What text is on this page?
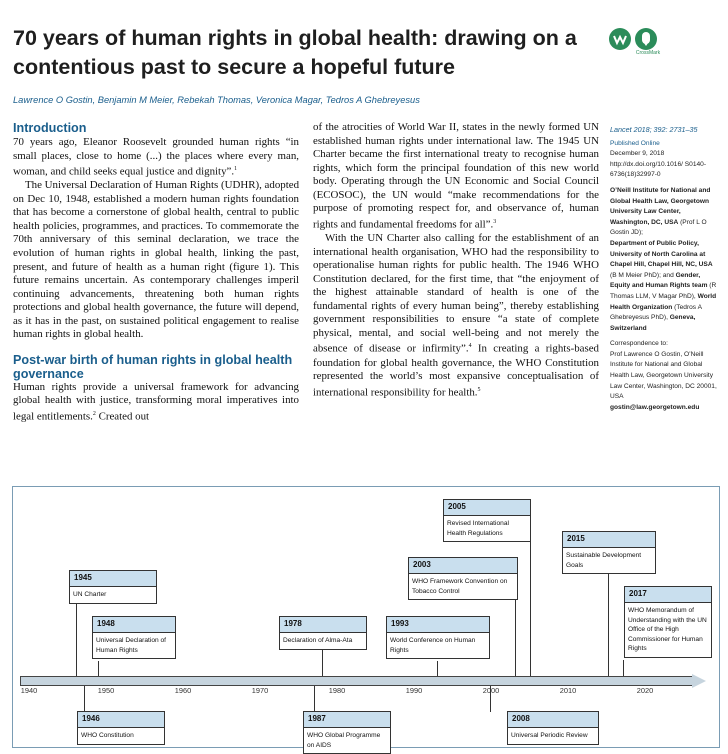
70 years of human rights in global health: drawing on a contentious past to secure a hopeful future
CrossMark
Lawrence O Gostin, Benjamin M Meier, Rebekah Thomas, Veronica Magar, Tedros A Ghebreyesus
Introduction

70 years ago, Eleanor Roosevelt grounded human rights “in small places, close to home (...) the places where every man, woman, and child seeks equal justice and dignity”.$^1$

The Universal Declaration of Human Rights (UDHR), adopted on Dec 10, 1948, established a modern human rights foundation that has become a cornerstone of global health, central to public health policies, programmes, and practices. To commemorate the 70th anniversary of this seminal declaration, we trace the evolution of human rights in global health, linking the past, present, and future of health as a human right (figure 1). This future remains uncertain. As contemporary challenges imperil continuing advancements, threatening both human rights protections and global health governance, the future will depend, as it has in the past, on sustained political engagement to realise human rights in global health.

Post-war birth of human rights in global health governance

Human rights provide a universal framework for advancing global health with justice, transforming moral imperatives into legal entitlements.$^2$ Created out

of the atrocities of World War II, states in the newly formed UN established human rights under international law. The 1945 UN Charter became the first international treaty to recognise human rights, which form the principal foundation of this new world body. Operating through the UN Economic and Social Council (ECOSOC), the UN would “make recommendations for the purpose of promoting respect for, and observance of, human rights and fundamental freedoms for all”.$^3$

With the UN Charter also calling for the establishment of an international health organisation, WHO had the responsibility to operationalise human rights for public health. The 1946 WHO Constitution declared, for the first time, that “the enjoyment of the highest attainable standard of health is one of the fundamental rights of every human being”, thereby establishing government responsibilities to ensure “a state of complete physical, mental, and social well-being and not merely the absence of disease or infirmity”.$^4$ In creating a rights-based foundation for global health governance, the WHO Constitution represented the world’s most expansive conceptualisation of international responsibility for health.$^5$

Lancet 2018; 392: 2731–35
Published Online
December 9, 2018
http://dx.doi.org/10.1016/ S0140-6736(18)32997-0
O’Neill Institute for National and Global Health Law, Georgetown University Law Center, Washington, DC, USA (Prof L O Gostin JD);
Department of Public Policy, University of North Carolina at Chapel Hill, Chapel Hill, NC, USA (B M Meier PhD); and Gender, Equity and Human Rights team (R Thomas LLM, V Magar PhD), World Health Organization (Tedros A Ghebreyesus PhD), Geneva, Switzerland
Correspondence to:
Prof Lawrence O Gostin, O’Neill Institute for National and Global Health Law, Georgetown University Law Center, Washington, DC 20001, USA
gostin@law.georgetown.edu
1945
UN Charter
1948
Universal Declaration of Human Rights
1978
Declaration of Alma-Ata
1993
World Conference on Human Rights
2003
WHO Framework Convention on Tobacco Control
2005
Revised International Health Regulations
2015
Sustainable Development Goals
2017
WHO Memorandum of Understanding with the UN Office of the High Commissioner for Human Rights
1940	1950	1960	1970	1980	1990	2000	2010	2020
1946
WHO Constitution
1987
WHO Global Programme on AIDS
2008
Universal Periodic Review
